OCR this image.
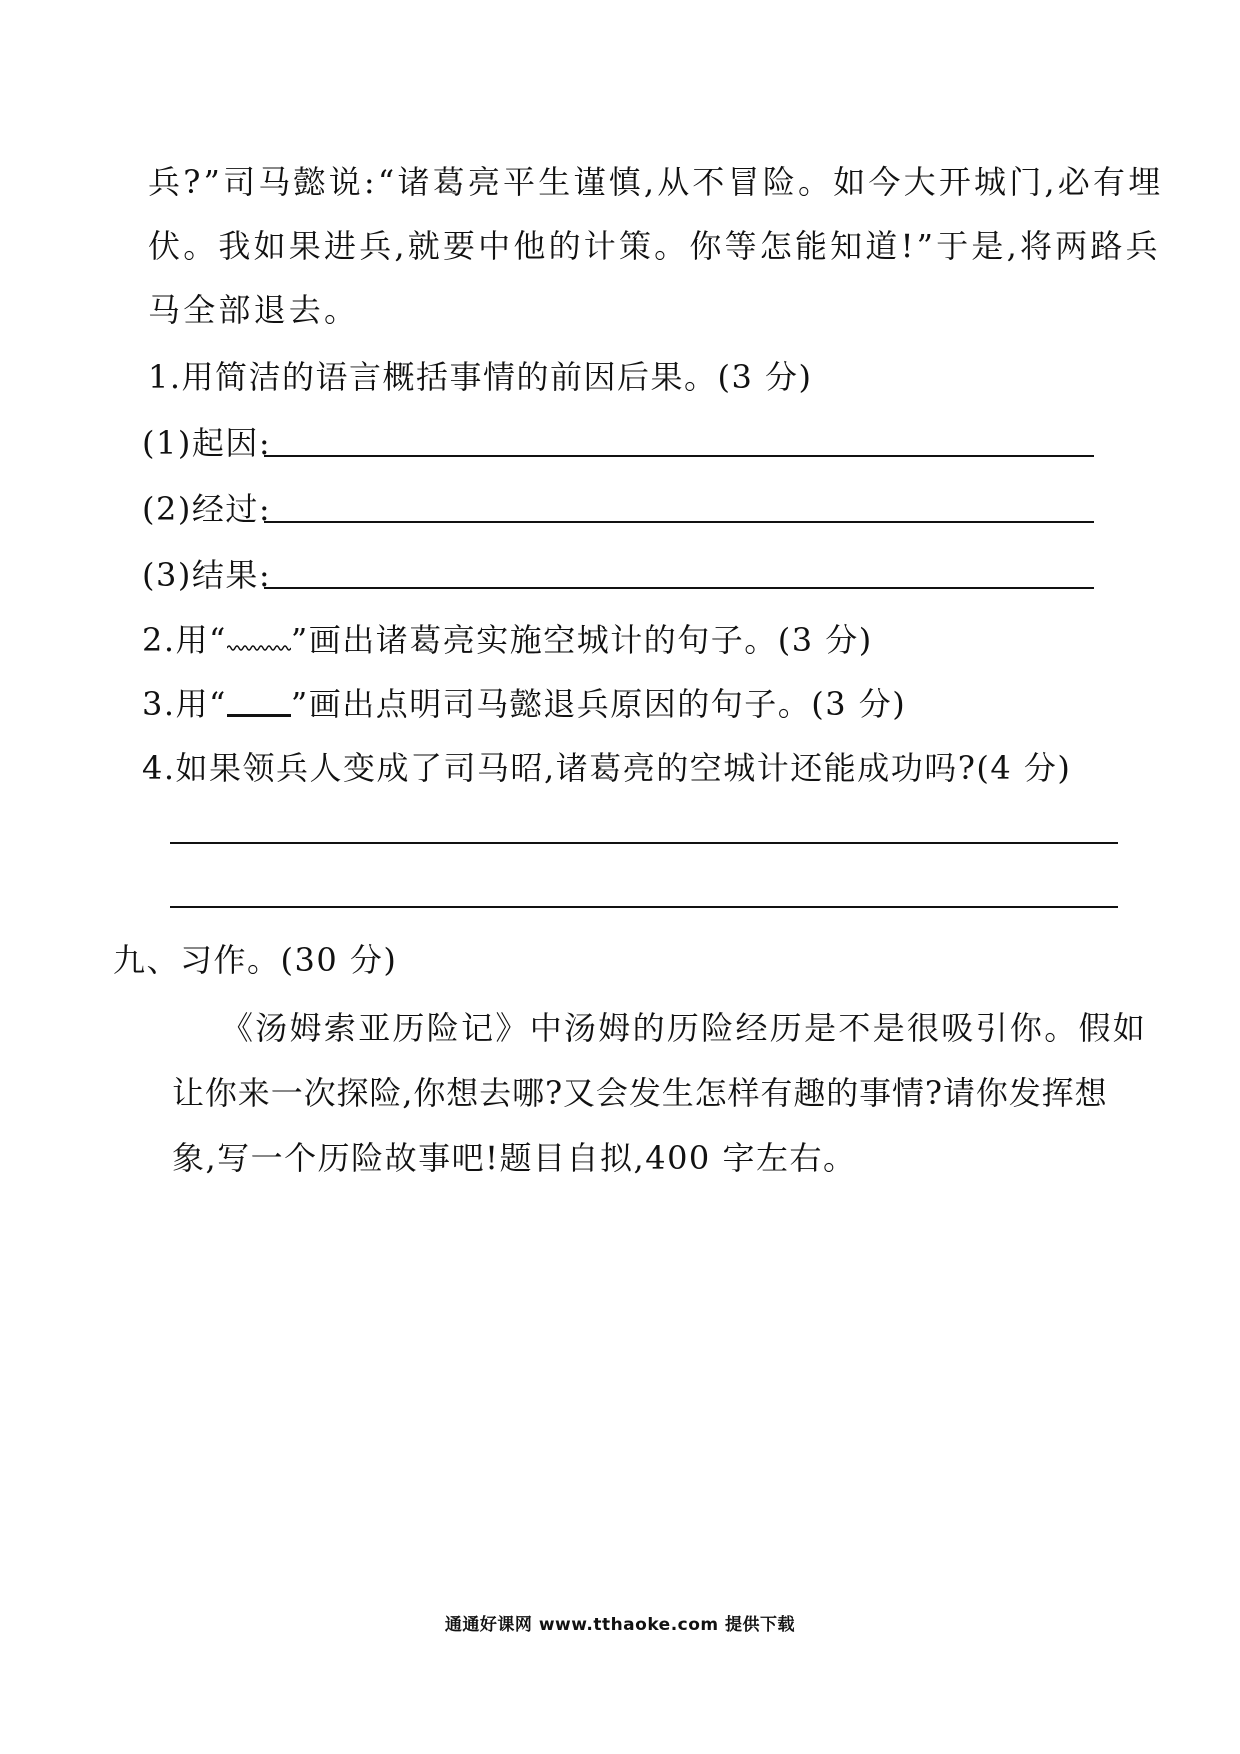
兵?”司马懿说:“诸葛亮平生谨慎,从不冒险。如今大开城门,必有埋
伏。我如果进兵,就要中他的计策。你等怎能知道!”于是,将两路兵
马全部退去。
1.用简洁的语言概括事情的前因后果。(3 分)
(1)起因:
(2)经过:
(3)结果:
2.用“ ”画出诸葛亮实施空城计的句子。(3 分)
3.用“ ”画出点明司马懿退兵原因的句子。(3 分)
4.如果领兵人变成了司马昭,诸葛亮的空城计还能成功吗?(4 分)
九、习作。(30 分)
《汤姆索亚历险记》中汤姆的历险经历是不是很吸引你。假如
让你来一次探险,你想去哪?又会发生怎样有趣的事情?请你发挥想
象,写一个历险故事吧!题目自拟,400 字左右。
通通好课网 www.tthaoke.com 提供下载
